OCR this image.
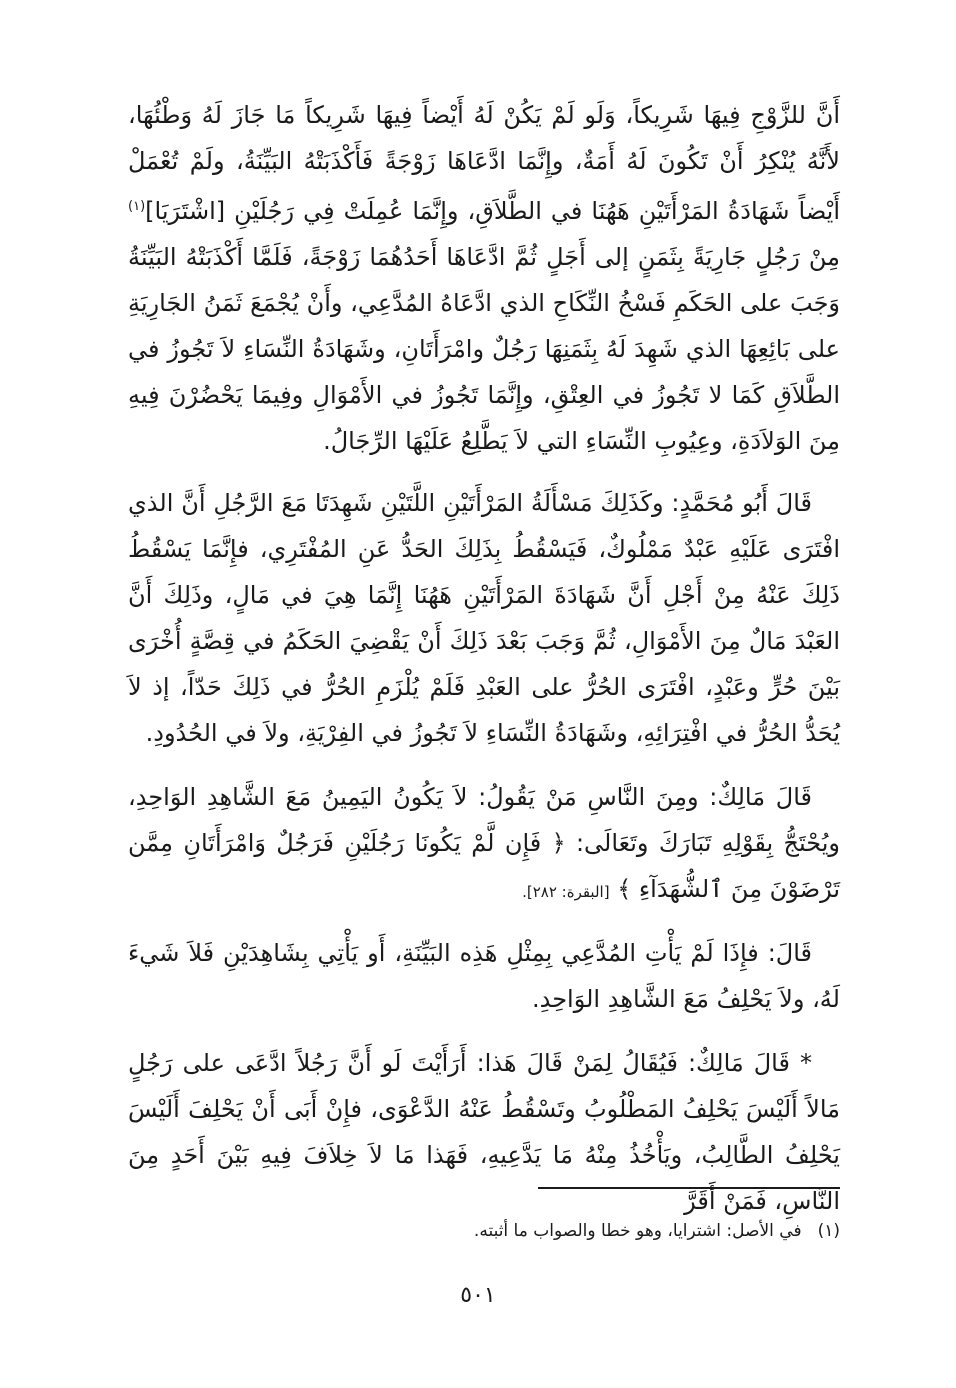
أَنَّ للزَّوْجِ فِيهَا شَرِيكاً، وَلَو لَمْ يَكُنْ لَهُ أَيْضاً فِيهَا شَرِيكاً مَا جَازَ لَهُ وَطْئُهَا، لأَنَّهُ يُنْكِرُ أَنْ تَكُونَ لَهُ أَمَةٌ، وإِنَّمَا ادَّعَاهَا زَوْجَةً فَأَكْذَبَتْهُ البَيِّنَةُ، ولَمْ تُعْمَلْ أَيْضاً شَهَادَةُ المَرْأَتَيْنِ هَهُنَا في الطَّلاَقِ، وإِنَّمَا عُمِلَتْ فِي رَجُلَيْنِ [اشْتَرَيَا]$^{(١)}$ مِنْ رَجُلٍ جَارِيَةً بِثَمَنٍ إلى أَجَلٍ ثُمَّ ادَّعَاهَا أَحَدُهُمَا زَوْجَةً، فَلَمَّا أَكْذَبَتْهُ البَيِّنَةُ وَجَبَ على الحَكَمِ فَسْخُ النِّكَاحِ الذي ادَّعَاهُ المُدَّعِي، وأَنْ يُجْمَعَ ثَمَنُ الجَارِيَةِ على بَائِعِهَا الذي شَهِدَ لَهُ بِثَمَنِهَا رَجُلٌ وامْرَأَتَانِ، وشَهَادَةُ النِّسَاءِ لاَ تَجُوزُ في الطَّلاَقِ كَمَا لا تَجُوزُ في العِتْقِ، وإِنَّمَا تَجُوزُ في الأَمْوَالِ وفِيمَا يَحْضُرْنَ فِيهِ مِنَ الوَلاَدَةِ، وعِيُوبِ النِّسَاءِ التي لاَ يَطَّلِعُ عَلَيْهَا الرِّجَالُ.

قَالَ أَبُو مُحَمَّدٍ: وكَذَلِكَ مَسْأَلَةُ المَرْأَتَيْنِ اللَّتَيْنِ شَهِدَتَا مَعَ الرَّجُلِ أَنَّ الذي افْتَرَى عَلَيْهِ عَبْدٌ مَمْلُوكٌ، فَيَسْقُطُ بِذَلِكَ الحَدُّ عَنِ المُفْتَرِي، فإِنَّمَا يَسْقُطُ ذَلِكَ عَنْهُ مِنْ أَجْلِ أَنَّ شَهَادَةَ المَرْأَتَيْنِ هَهُنَا إِنَّمَا هِيَ في مَالٍ، وذَلِكَ أَنَّ العَبْدَ مَالٌ مِنَ الأَمْوَالِ، ثُمَّ وَجَبَ بَعْدَ ذَلِكَ أَنْ يَقْضِيَ الحَكَمُ في قِصَّةٍ أُخْرَى بَيْنَ حُرٍّ وعَبْدٍ، افْتَرَى الحُرُّ على العَبْدِ فَلَمْ يُلْزَمِ الحُرُّ في ذَلِكَ حَدّاً، إذ لاَ يُحَدُّ الحُرُّ في افْتِرَائِهِ، وشَهَادَةُ النِّسَاءِ لاَ تَجُوزُ في الفِرْيَةِ، ولاَ في الحُدُودِ.

قَالَ مَالِكٌ: ومِنَ النَّاسِ مَنْ يَقُولُ: لاَ يَكُونُ اليَمِينُ مَعَ الشَّاهِدِ الوَاحِدِ، ويُحْتَجُّ بِقَوْلِهِ تَبَارَكَ وتَعَالَى: ﴿ فَإِن لَّمْ يَكُونَا رَجُلَيْنِ فَرَجُلٌ وَامْرَأَتَانِ مِمَّن تَرْضَوْنَ مِنَ ٱلشُّهَدَآءِ ﴾ [البقرة: ٢٨٢].

قَالَ: فإِذَا لَمْ يَأْتِ المُدَّعِي بِمِثْلِ هَذِه البَيِّنَةِ، أَو يَأْتِي بِشَاهِدَيْنِ فَلاَ شَيءَ لَهُ، ولاَ يَحْلِفُ مَعَ الشَّاهِدِ الوَاحِدِ.

* قَالَ مَالِكٌ: فَيُقَالُ لِمَنْ قَالَ هَذا: أَرَأَيْتَ لَو أَنَّ رَجُلاً ادَّعَى على رَجُلٍ مَالاً أَلَيْسَ يَحْلِفُ المَطْلُوبُ وتَسْقُطُ عَنْهُ الدَّعْوَى، فإِنْ أَبَى أَنْ يَحْلِفَ أَلَيْسَ يَحْلِفُ الطَّالِبُ، ويَأْخُذُ مِنْهُ مَا يَدَّعِيهِ، فَهَذا مَا لاَ خِلاَفَ فِيهِ بَيْنَ أَحَدٍ مِنَ النَّاسِ، فَمَنْ أَقَرَّ

(١)في الأصل: اشترايا، وهو خطا والصواب ما أثبته.
٥٠١
